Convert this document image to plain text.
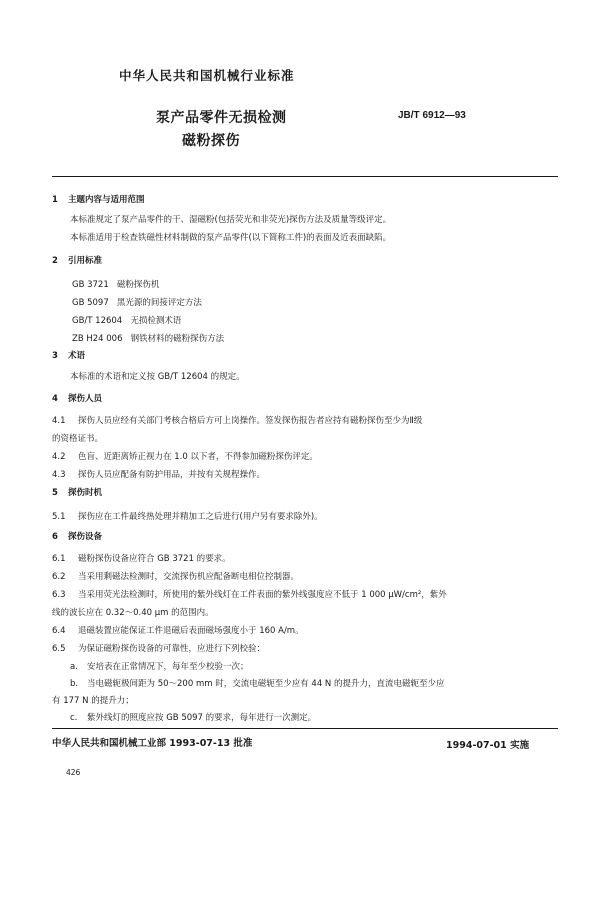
中华人民共和国机械行业标准
泵产品零件无损检测	JB/T 6912—93
磁粉探伤
1 主题内容与适用范围
本标准规定了泵产品零件的干、湿磁粉(包括荧光和非荧光)探伤方法及质量等级评定。
本标准适用于检查铁磁性材料制做的泵产品零件(以下简称工件)的表面及近表面缺陷。
2 引用标准
GB 3721 磁粉探伤机
GB 5097 黑光源的间接评定方法
GB/T 12604 无损检测术语
ZB H24 006 钢铁材料的磁粉探伤方法
3 术语
本标准的术语和定义按 GB/T 12604 的规定。
4 探伤人员
4.1 探伤人员应经有关部门考核合格后方可上岗操作。签发探伤报告者应持有磁粉探伤至少为Ⅱ级
的资格证书。
4.2 色盲、近距离矫正视力在 1.0 以下者，不得参加磁粉探伤评定。
4.3 探伤人员应配备有防护用品，并按有关规程操作。
5 探伤时机
5.1 探伤应在工件最终热处理并精加工之后进行(用户另有要求除外)。
6 探伤设备
6.1 磁粉探伤设备应符合 GB 3721 的要求。
6.2 当采用剩磁法检测时，交流探伤机应配备断电相位控制器。
6.3 当采用荧光法检测时，所使用的紫外线灯在工件表面的紫外线强度应不低于 1 000 μW/cm²，紫外
线的波长应在 0.32～0.40 μm 的范围内。
6.4 退磁装置应能保证工件退磁后表面磁场强度小于 160 A/m。
6.5 为保证磁粉探伤设备的可靠性，应进行下列校验：
a. 安培表在正常情况下，每年至少校验一次；
b. 当电磁轭极间距为 50～200 mm 时，交流电磁轭至少应有 44 N 的提升力，直流电磁轭至少应
有 177 N 的提升力；
c. 紫外线灯的照度应按 GB 5097 的要求，每年进行一次测定。
中华人民共和国机械工业部 1993-07-13 批准	1994-07-01 实施
426
